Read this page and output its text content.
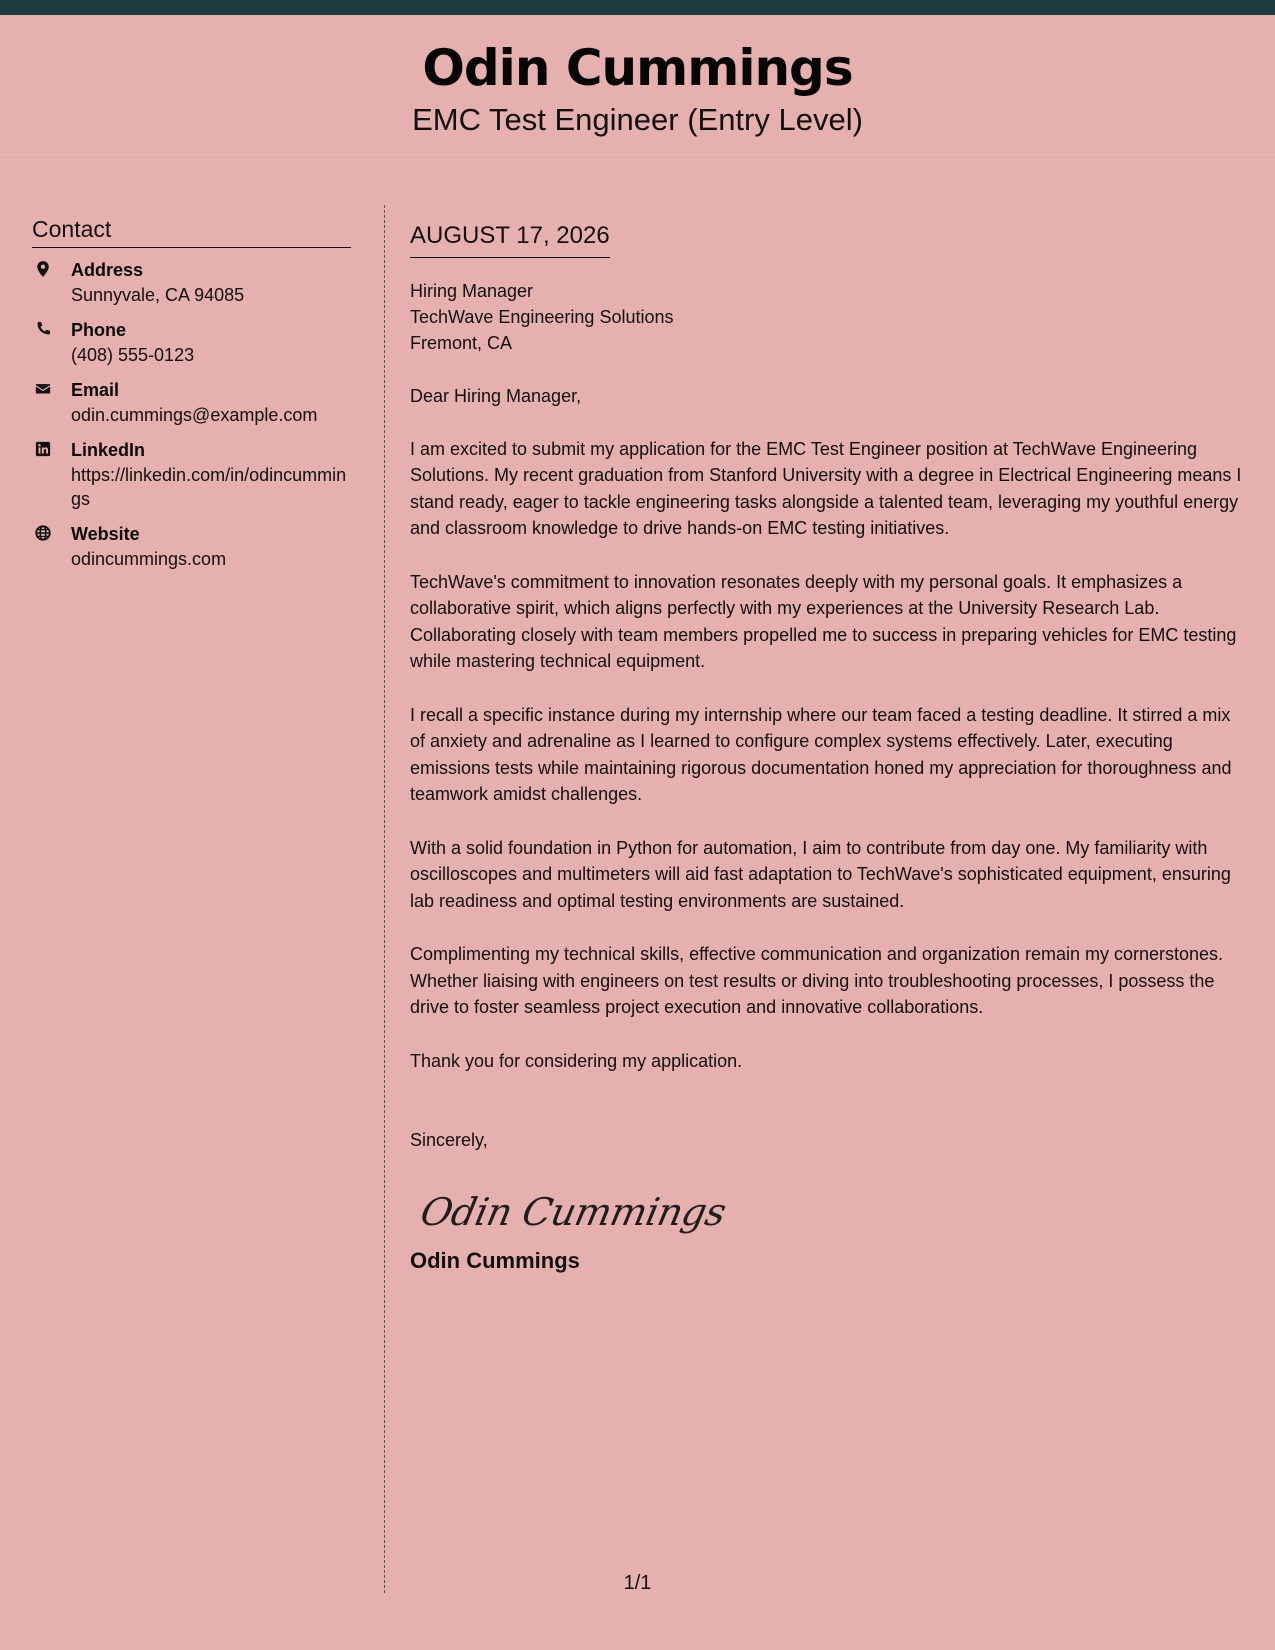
Odin Cummings
EMC Test Engineer (Entry Level)
Contact
Address
Sunnyvale, CA 94085
Phone
(408) 555-0123
Email
odin.cummings@example.com
LinkedIn
https://linkedin.com/in/odincummings
Website
odincummings.com
AUGUST 17, 2026
Hiring Manager
TechWave Engineering Solutions
Fremont, CA
Dear Hiring Manager,

I am excited to submit my application for the EMC Test Engineer position at TechWave Engineering Solutions. My recent graduation from Stanford University with a degree in Electrical Engineering means I stand ready, eager to tackle engineering tasks alongside a talented team, leveraging my youthful energy and classroom knowledge to drive hands-on EMC testing initiatives.

TechWave's commitment to innovation resonates deeply with my personal goals. It emphasizes a collaborative spirit, which aligns perfectly with my experiences at the University Research Lab. Collaborating closely with team members propelled me to success in preparing vehicles for EMC testing while mastering technical equipment.

I recall a specific instance during my internship where our team faced a testing deadline. It stirred a mix of anxiety and adrenaline as I learned to configure complex systems effectively. Later, executing emissions tests while maintaining rigorous documentation honed my appreciation for thoroughness and teamwork amidst challenges.

With a solid foundation in Python for automation, I aim to contribute from day one. My familiarity with oscilloscopes and multimeters will aid fast adaptation to TechWave's sophisticated equipment, ensuring lab readiness and optimal testing environments are sustained.

Complimenting my technical skills, effective communication and organization remain my cornerstones. Whether liaising with engineers on test results or diving into troubleshooting processes, I possess the drive to foster seamless project execution and innovative collaborations.

Thank you for considering my application.

Sincerely,
Odin Cummings
Odin Cummings
1/1
